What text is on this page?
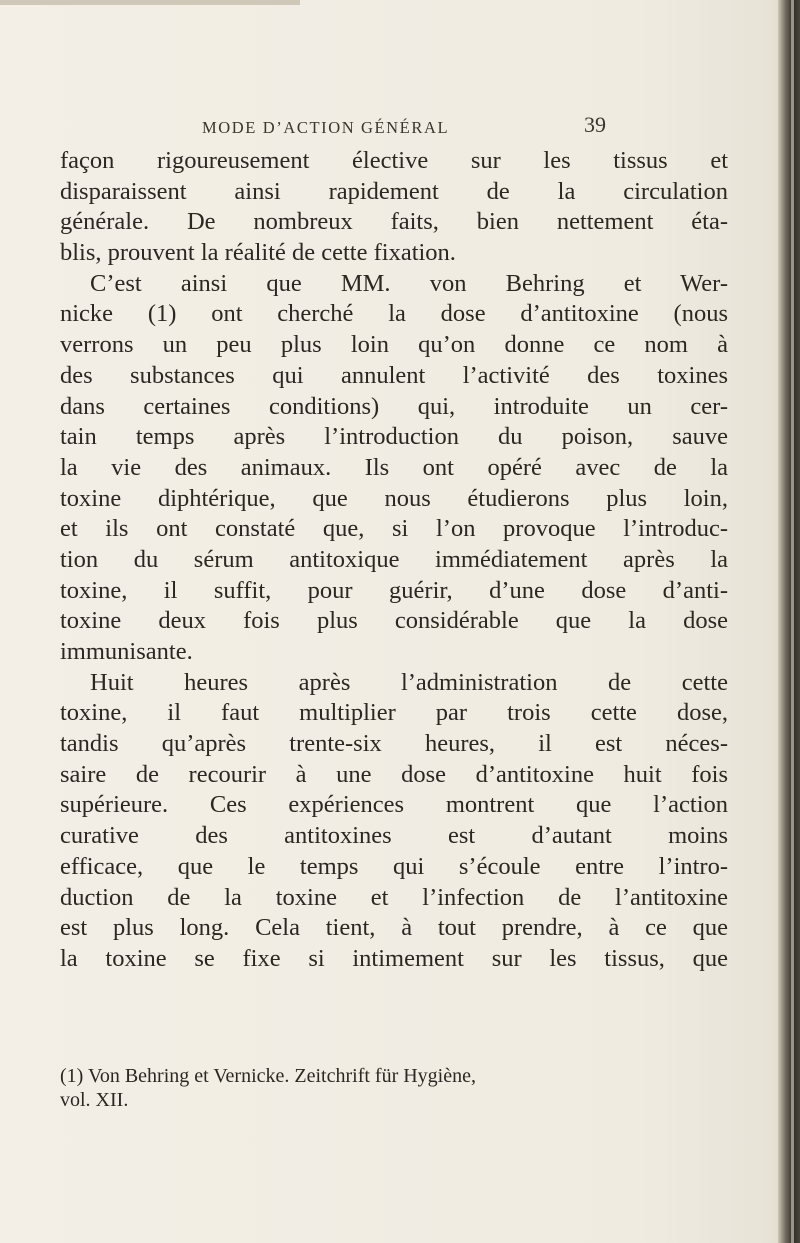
MODE D’ACTION GÉNÉRAL	39
façon rigoureusement élective sur les tissus et
disparaissent ainsi rapidement de la circulation
générale. De nombreux faits, bien nettement éta-
blis, prouvent la réalité de cette fixation.
C’est ainsi que MM. von Behring et Wer-
nicke (1) ont cherché la dose d’antitoxine (nous
verrons un peu plus loin qu’on donne ce nom à
des substances qui annulent l’activité des toxines
dans certaines conditions) qui, introduite un cer-
tain temps après l’introduction du poison, sauve
la vie des animaux. Ils ont opéré avec de la
toxine diphtérique, que nous étudierons plus loin,
et ils ont constaté que, si l’on provoque l’introduc-
tion du sérum antitoxique immédiatement après la
toxine, il suffit, pour guérir, d’une dose d’anti-
toxine deux fois plus considérable que la dose
immunisante.
Huit heures après l’administration de cette
toxine, il faut multiplier par trois cette dose,
tandis qu’après trente-six heures, il est néces-
saire de recourir à une dose d’antitoxine huit fois
supérieure. Ces expériences montrent que l’action
curative des antitoxines est d’autant moins
efficace, que le temps qui s’écoule entre l’intro-
duction de la toxine et l’infection de l’antitoxine
est plus long. Cela tient, à tout prendre, à ce que
la toxine se fixe si intimement sur les tissus, que
(1) Von Behring et Vernicke. Zeitchrift für Hygiène,
vol. XII.
